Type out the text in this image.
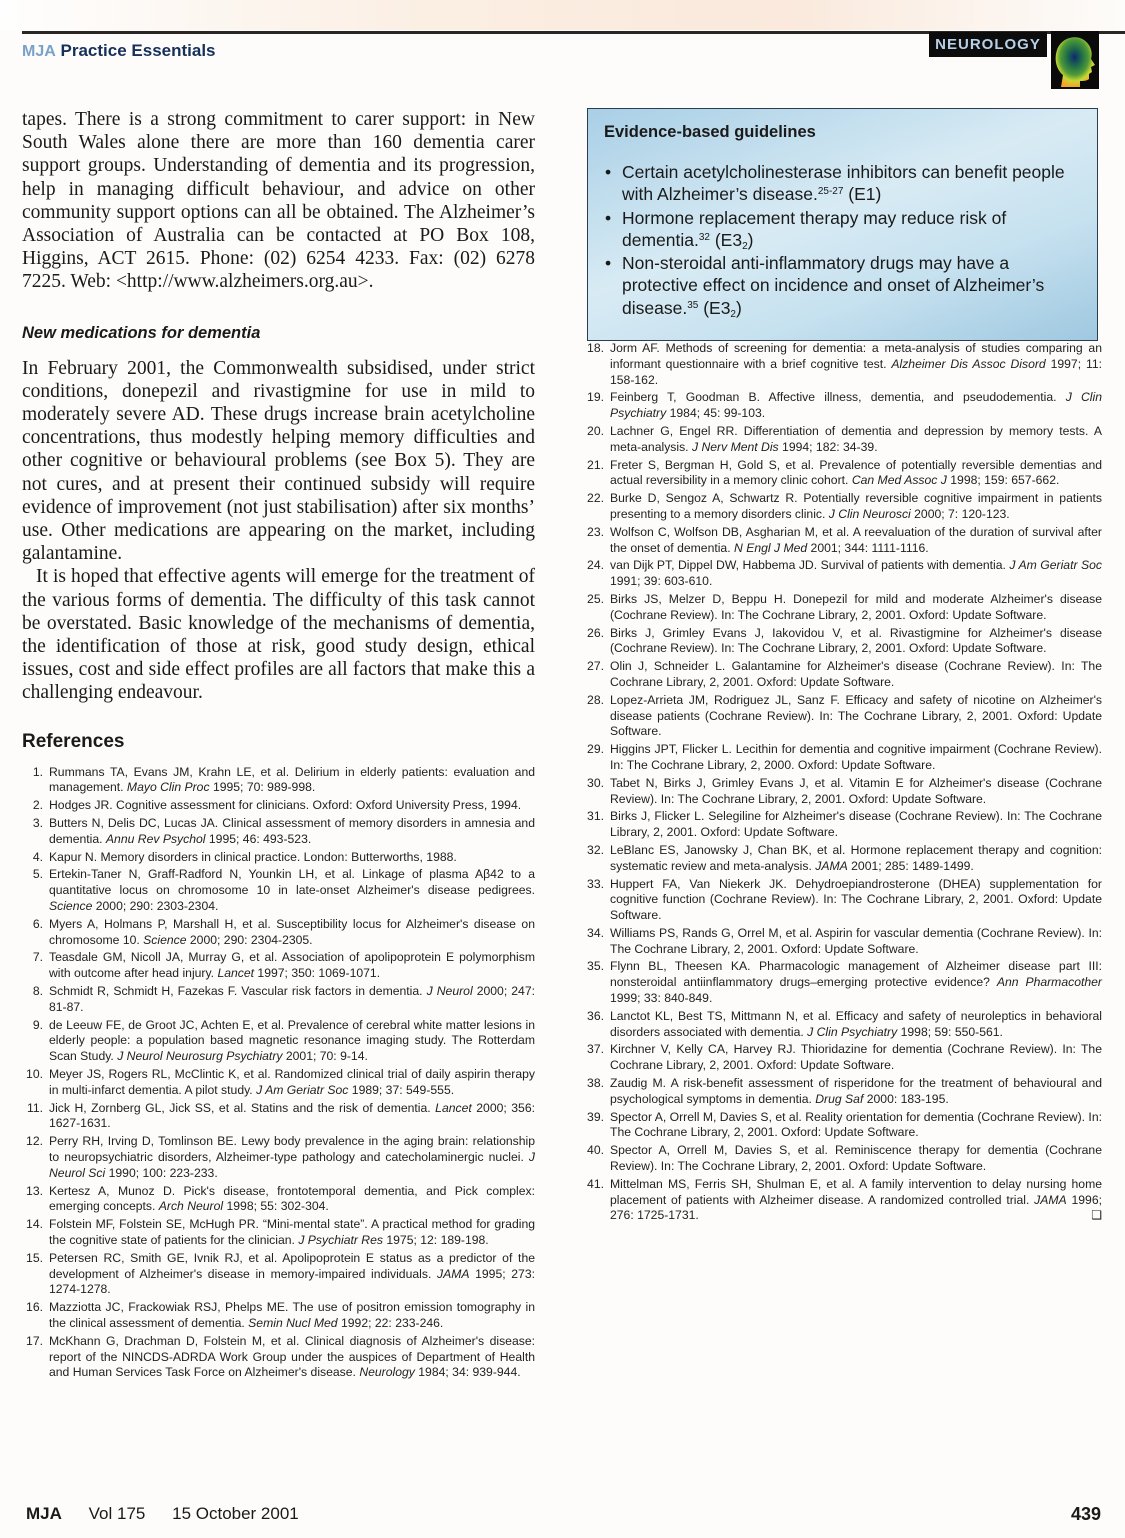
MJA Practice Essentials	NEUROLOGY

tapes. There is a strong commitment to carer support: in New South Wales alone there are more than 160 dementia carer support groups. Understanding of dementia and its progression, help in managing difficult behaviour, and advice on other community support options can all be obtained. The Alzheimer’s Association of Australia can be contacted at PO Box 108, Higgins, ACT 2615. Phone: (02) 6254 4233. Fax: (02) 6278 7225. Web: <http://www.alzheimers.org.au>.

New medications for dementia

In February 2001, the Commonwealth subsidised, under strict conditions, donepezil and rivastigmine for use in mild to moderately severe AD. These drugs increase brain acetylcholine concentrations, thus modestly helping memory difficulties and other cognitive or behavioural problems (see Box 5). They are not cures, and at present their continued subsidy will require evidence of improvement (not just stabilisation) after six months’ use. Other medications are appearing on the market, including galantamine.

It is hoped that effective agents will emerge for the treatment of the various forms of dementia. The difficulty of this task cannot be overstated. Basic knowledge of the mechanisms of dementia, the identification of those at risk, good study design, ethical issues, cost and side effect profiles are all factors that make this a challenging endeavour.

References
1. Rummans TA, Evans JM, Krahn LE, et al. Delirium in elderly patients: evaluation and management. Mayo Clin Proc 1995; 70: 989-998.
2. Hodges JR. Cognitive assessment for clinicians. Oxford: Oxford University Press, 1994.
3. Butters N, Delis DC, Lucas JA. Clinical assessment of memory disorders in amnesia and dementia. Annu Rev Psychol 1995; 46: 493-523.
4. Kapur N. Memory disorders in clinical practice. London: Butterworths, 1988.
5. Ertekin-Taner N, Graff-Radford N, Younkin LH, et al. Linkage of plasma Aβ42 to a quantitative locus on chromosome 10 in late-onset Alzheimer's disease pedigrees. Science 2000; 290: 2303-2304.
6. Myers A, Holmans P, Marshall H, et al. Susceptibility locus for Alzheimer's disease on chromosome 10. Science 2000; 290: 2304-2305.
7. Teasdale GM, Nicoll JA, Murray G, et al. Association of apolipoprotein E polymorphism with outcome after head injury. Lancet 1997; 350: 1069-1071.
8. Schmidt R, Schmidt H, Fazekas F. Vascular risk factors in dementia. J Neurol 2000; 247: 81-87.
9. de Leeuw FE, de Groot JC, Achten E, et al. Prevalence of cerebral white matter lesions in elderly people: a population based magnetic resonance imaging study. The Rotterdam Scan Study. J Neurol Neurosurg Psychiatry 2001; 70: 9-14.
10. Meyer JS, Rogers RL, McClintic K, et al. Randomized clinical trial of daily aspirin therapy in multi-infarct dementia. A pilot study. J Am Geriatr Soc 1989; 37: 549-555.
11. Jick H, Zornberg GL, Jick SS, et al. Statins and the risk of dementia. Lancet 2000; 356: 1627-1631.
12. Perry RH, Irving D, Tomlinson BE. Lewy body prevalence in the aging brain: relationship to neuropsychiatric disorders, Alzheimer-type pathology and catecholaminergic nuclei. J Neurol Sci 1990; 100: 223-233.
13. Kertesz A, Munoz D. Pick's disease, frontotemporal dementia, and Pick complex: emerging concepts. Arch Neurol 1998; 55: 302-304.
14. Folstein MF, Folstein SE, McHugh PR. “Mini-mental state”. A practical method for grading the cognitive state of patients for the clinician. J Psychiatr Res 1975; 12: 189-198.
15. Petersen RC, Smith GE, Ivnik RJ, et al. Apolipoprotein E status as a predictor of the development of Alzheimer's disease in memory-impaired individuals. JAMA 1995; 273: 1274-1278.
16. Mazziotta JC, Frackowiak RSJ, Phelps ME. The use of positron emission tomography in the clinical assessment of dementia. Semin Nucl Med 1992; 22: 233-246.
17. McKhann G, Drachman D, Folstein M, et al. Clinical diagnosis of Alzheimer's disease: report of the NINCDS-ADRDA Work Group under the auspices of Department of Health and Human Services Task Force on Alzheimer's disease. Neurology 1984; 34: 939-944.
Evidence-based guidelines
• Certain acetylcholinesterase inhibitors can benefit people with Alzheimer’s disease.$^{25-27}$ (E1)
• Hormone replacement therapy may reduce risk of dementia.$^{32}$ $(E3_2)$
• Non-steroidal anti-inflammatory drugs may have a protective effect on incidence and onset of Alzheimer’s disease.$^{35}$ $(E3_2)$
18. Jorm AF. Methods of screening for dementia: a meta-analysis of studies comparing an informant questionnaire with a brief cognitive test. Alzheimer Dis Assoc Disord 1997; 11: 158-162.
19. Feinberg T, Goodman B. Affective illness, dementia, and pseudodementia. J Clin Psychiatry 1984; 45: 99-103.
20. Lachner G, Engel RR. Differentiation of dementia and depression by memory tests. A meta-analysis. J Nerv Ment Dis 1994; 182: 34-39.
21. Freter S, Bergman H, Gold S, et al. Prevalence of potentially reversible dementias and actual reversibility in a memory clinic cohort. Can Med Assoc J 1998; 159: 657-662.
22. Burke D, Sengoz A, Schwartz R. Potentially reversible cognitive impairment in patients presenting to a memory disorders clinic. J Clin Neurosci 2000; 7: 120-123.
23. Wolfson C, Wolfson DB, Asgharian M, et al. A reevaluation of the duration of survival after the onset of dementia. N Engl J Med 2001; 344: 1111-1116.
24. van Dijk PT, Dippel DW, Habbema JD. Survival of patients with dementia. J Am Geriatr Soc 1991; 39: 603-610.
25. Birks JS, Melzer D, Beppu H. Donepezil for mild and moderate Alzheimer's disease (Cochrane Review). In: The Cochrane Library, 2, 2001. Oxford: Update Software.
26. Birks J, Grimley Evans J, Iakovidou V, et al. Rivastigmine for Alzheimer's disease (Cochrane Review). In: The Cochrane Library, 2, 2001. Oxford: Update Software.
27. Olin J, Schneider L. Galantamine for Alzheimer's disease (Cochrane Review). In: The Cochrane Library, 2, 2001. Oxford: Update Software.
28. Lopez-Arrieta JM, Rodriguez JL, Sanz F. Efficacy and safety of nicotine on Alzheimer's disease patients (Cochrane Review). In: The Cochrane Library, 2, 2001. Oxford: Update Software.
29. Higgins JPT, Flicker L. Lecithin for dementia and cognitive impairment (Cochrane Review). In: The Cochrane Library, 2, 2000. Oxford: Update Software.
30. Tabet N, Birks J, Grimley Evans J, et al. Vitamin E for Alzheimer's disease (Cochrane Review). In: The Cochrane Library, 2, 2001. Oxford: Update Software.
31. Birks J, Flicker L. Selegiline for Alzheimer's disease (Cochrane Review). In: The Cochrane Library, 2, 2001. Oxford: Update Software.
32. LeBlanc ES, Janowsky J, Chan BK, et al. Hormone replacement therapy and cognition: systematic review and meta-analysis. JAMA 2001; 285: 1489-1499.
33. Huppert FA, Van Niekerk JK. Dehydroepiandrosterone (DHEA) supplementation for cognitive function (Cochrane Review). In: The Cochrane Library, 2, 2001. Oxford: Update Software.
34. Williams PS, Rands G, Orrel M, et al. Aspirin for vascular dementia (Cochrane Review). In: The Cochrane Library, 2, 2001. Oxford: Update Software.
35. Flynn BL, Theesen KA. Pharmacologic management of Alzheimer disease part III: nonsteroidal antiinflammatory drugs–emerging protective evidence? Ann Pharmacother 1999; 33: 840-849.
36. Lanctot KL, Best TS, Mittmann N, et al. Efficacy and safety of neuroleptics in behavioral disorders associated with dementia. J Clin Psychiatry 1998; 59: 550-561.
37. Kirchner V, Kelly CA, Harvey RJ. Thioridazine for dementia (Cochrane Review). In: The Cochrane Library, 2, 2001. Oxford: Update Software.
38. Zaudig M. A risk-benefit assessment of risperidone for the treatment of behavioural and psychological symptoms in dementia. Drug Saf 2000: 183-195.
39. Spector A, Orrell M, Davies S, et al. Reality orientation for dementia (Cochrane Review). In: The Cochrane Library, 2, 2001. Oxford: Update Software.
40. Spector A, Orrell M, Davies S, et al. Reminiscence therapy for dementia (Cochrane Review). In: The Cochrane Library, 2, 2001. Oxford: Update Software.
41. Mittelman MS, Ferris SH, Shulman E, et al. A family intervention to delay nursing home placement of patients with Alzheimer disease. A randomized controlled trial. JAMA 1996; 276: 1725-1731.	❑
MJA Vol 175 15 October 2001	439
